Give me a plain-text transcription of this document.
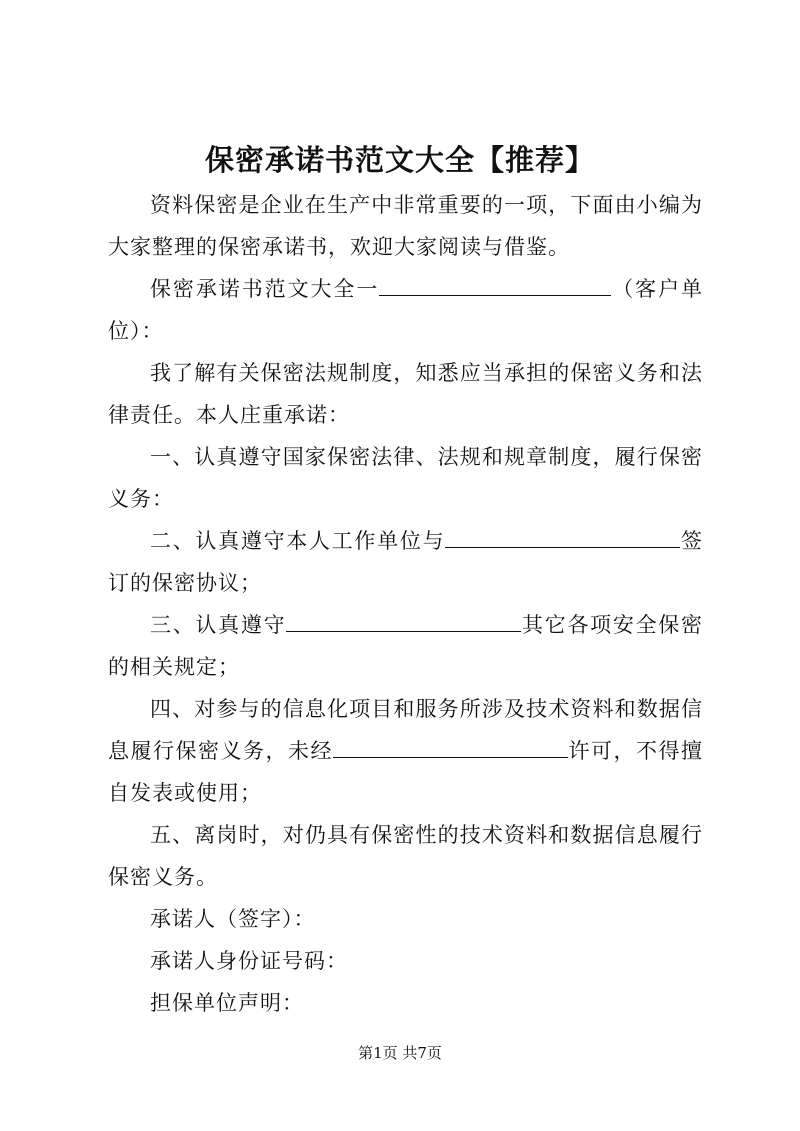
保密承诺书范文大全【推荐】

资料保密是企业在生产中非常重要的一项，下面由小编为大家整理的保密承诺书，欢迎大家阅读与借鉴。

保密承诺书范文大全一	（客户单位）：

我了解有关保密法规制度，知悉应当承担的保密义务和法律责任。本人庄重承诺：

一、认真遵守国家保密法律、法规和规章制度，履行保密义务：

二、认真遵守本人工作单位与	签订的保密协议；

三、认真遵守	其它各项安全保密的相关规定；

四、对参与的信息化项目和服务所涉及技术资料和数据信息履行保密义务，未经	许可，不得擅自发表或使用；

五、离岗时，对仍具有保密性的技术资料和数据信息履行保密义务。

承诺人（签字）：

承诺人身份证号码：

担保单位声明：

第1页 共7页
